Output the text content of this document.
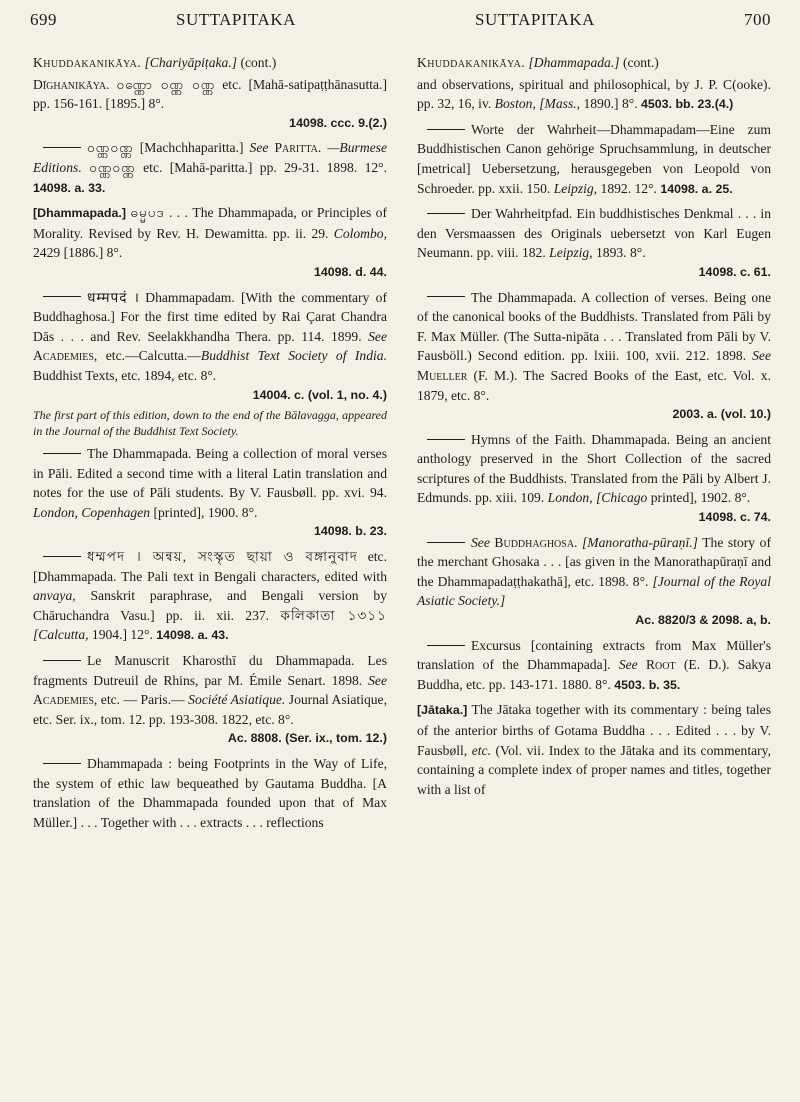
699	SUTTAPITAKA	SUTTAPITAKA	700

Khuddakanikāya. [Chariyāpiṭaka.] (cont.)

Dīghanikāya. ဝဏ္ဏော ဝဏ္ဏ ဝဏ္ဏ etc. [Mahā-satipaṭṭhānasutta.] pp. 156-161. [1895.] 8°.
14098. ccc. 9.(2.)

ဝဏ္ဏဝဏ္ဏ [Machchhaparitta.] See Paritta. —Burmese Editions. ဝဏ္ဏဝဏ္ဏ etc. [Mahā-paritta.] pp. 29-31. 1898. 12°. 14098. a. 33.

[Dhammapada.] ဓမ္မပဒ . . . The Dhammapada, or Principles of Morality. Revised by Rev. H. Dewamitta. pp. ii. 29. Colombo, 2429 [1886.] 8°.
14098. d. 44.

धम्मपदं । Dhammapadam. [With the commentary of Buddhaghosa.] For the first time edited by Rai Çarat Chandra Dās . . . and Rev. Seelakkhandha Thera. pp. 114. 1899. See Academies, etc.—Calcutta.—Buddhist Text Society of India. Buddhist Texts, etc. 1894, etc. 8°.
14004. c. (vol. 1, no. 4.)
The first part of this edition, down to the end of the Bālavagga, appeared in the Journal of the Buddhist Text Society.

The Dhammapada. Being a collection of moral verses in Pāli. Edited a second time with a literal Latin translation and notes for the use of Pāli students. By V. Fausbøll. pp. xvi. 94. London, Copenhagen [printed], 1900. 8°.
14098. b. 23.

ধম্মপদ । অন্বয়, সংস্কৃত ছায়া ও বঙ্গানুবাদ etc. [Dhammapada. The Pali text in Bengali characters, edited with anvaya, Sanskrit paraphrase, and Bengali version by Chāruchandra Vasu.] pp. ii. xii. 237. কলিকাতা ১৩১১ [Calcutta, 1904.] 12°. 14098. a. 43.

Le Manuscrit Kharosthī du Dhammapada. Les fragments Dutreuil de Rhins, par M. Émile Senart. 1898. See Academies, etc. — Paris.— Société Asiatique. Journal Asiatique, etc. Ser. ix., tom. 12. pp. 193-308. 1822, etc. 8°.
Ac. 8808. (Ser. ix., tom. 12.)

Dhammapada : being Footprints in the Way of Life, the system of ethic law bequeathed by Gautama Buddha. [A translation of the Dhammapada founded upon that of Max Müller.] . . . Together with . . . extracts . . . reflections

Khuddakanikāya. [Dhammapada.] (cont.)

and observations, spiritual and philosophical, by J. P. C(ooke). pp. 32, 16, iv. Boston, [Mass., 1890.] 8°. 4503. bb. 23.(4.)

Worte der Wahrheit—Dhammapadam—Eine zum Buddhistischen Canon gehörige Spruchsammlung, in deutscher [metrical] Uebersetzung, herausgegeben von Leopold von Schroeder. pp. xxii. 150. Leipzig, 1892. 12°. 14098. a. 25.

Der Wahrheitpfad. Ein buddhistisches Denkmal . . . in den Versmaassen des Originals uebersetzt von Karl Eugen Neumann. pp. viii. 182. Leipzig, 1893. 8°.
14098. c. 61.

The Dhammapada. A collection of verses. Being one of the canonical books of the Buddhists. Translated from Pāli by F. Max Müller. (The Sutta-nipāta . . . Translated from Pāli by V. Fausböll.) Second edition. pp. lxiii. 100, xvii. 212. 1898. See Mueller (F. M.). The Sacred Books of the East, etc. Vol. x. 1879, etc. 8°.
2003. a. (vol. 10.)

Hymns of the Faith. Dhammapada. Being an ancient anthology preserved in the Short Collection of the sacred scriptures of the Buddhists. Translated from the Pāli by Albert J. Edmunds. pp. xiii. 109. London, [Chicago printed], 1902. 8°.
14098. c. 74.

See Buddhaghosa. [Manoratha-pūraṇī.] The story of the merchant Ghosaka . . . [as given in the Manorathapūraṇī and the Dhammapadaṭṭhakathā], etc. 1898. 8°. [Journal of the Royal Asiatic Society.]
Ac. 8820/3 & 2098. a, b.

Excursus [containing extracts from Max Müller's translation of the Dhammapada]. See Root (E. D.). Sakya Buddha, etc. pp. 143-171. 1880. 8°. 4503. b. 35.

[Jātaka.] The Jātaka together with its commentary : being tales of the anterior births of Gotama Buddha . . . Edited . . . by V. Fausbøll, etc. (Vol. vii. Index to the Jātaka and its commentary, containing a complete index of proper names and titles, together with a list of
